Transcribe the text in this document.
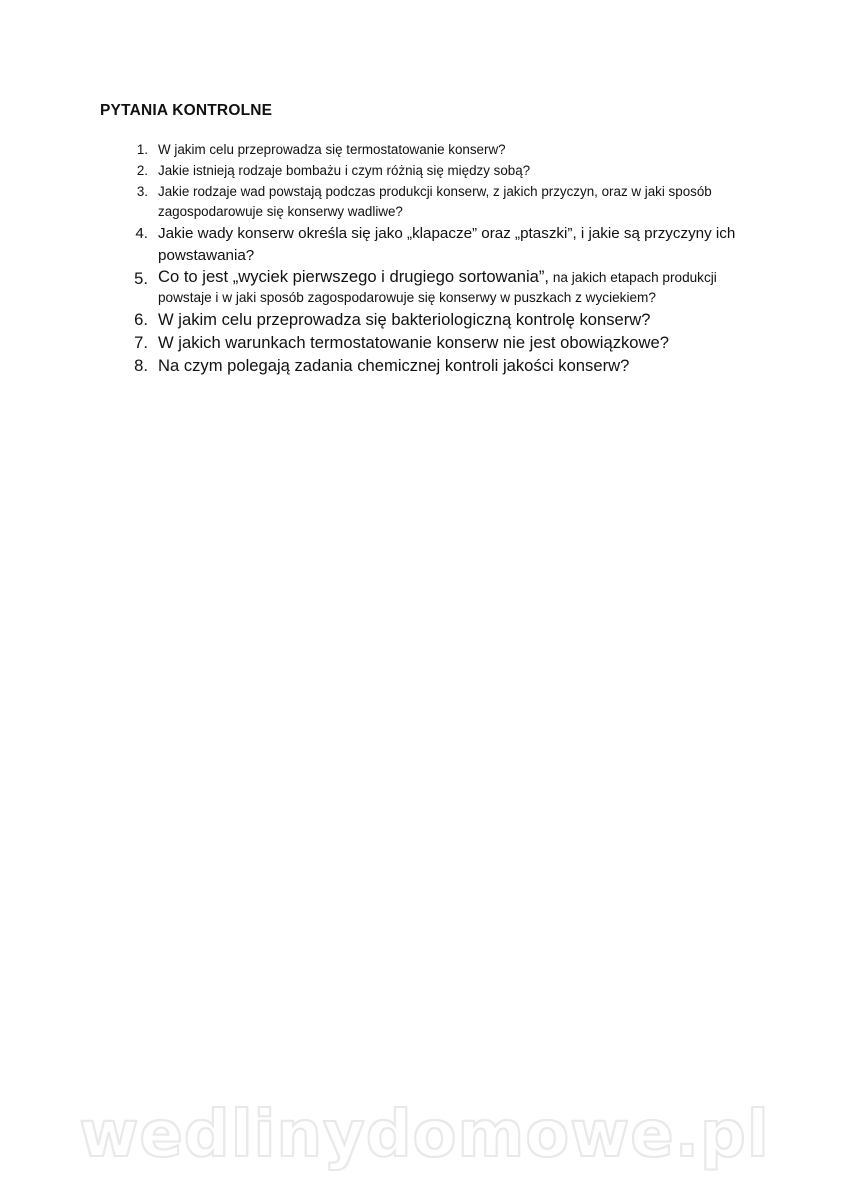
PYTANIA KONTROLNE
1. W jakim celu przeprowadza się termostatowanie konserw?
2. Jakie istnieją rodzaje bombażu i czym różnią się między sobą?
3. Jakie rodzaje wad powstają podczas produkcji konserw, z jakich przyczyn, oraz w jaki sposób zagospodarowuje się konserwy wadliwe?
4. Jakie wady konserw określa się jako „klapacze” oraz „ptaszki”, i jakie są przyczyny ich powstawania?
5. Co to jest „wyciek pierwszego i drugiego sortowania”, na jakich etapach produkcji powstaje i w jaki sposób zagospodarowuje się konserwy w puszkach z wyciekiem?
6. W jakim celu przeprowadza się bakteriologiczną kontrolę konserw?
7. W jakich warunkach termostatowanie konserw nie jest obowiązkowe?
8. Na czym polegają zadania chemicznej kontroli jakości konserw?
wedlinydomowe.pl
